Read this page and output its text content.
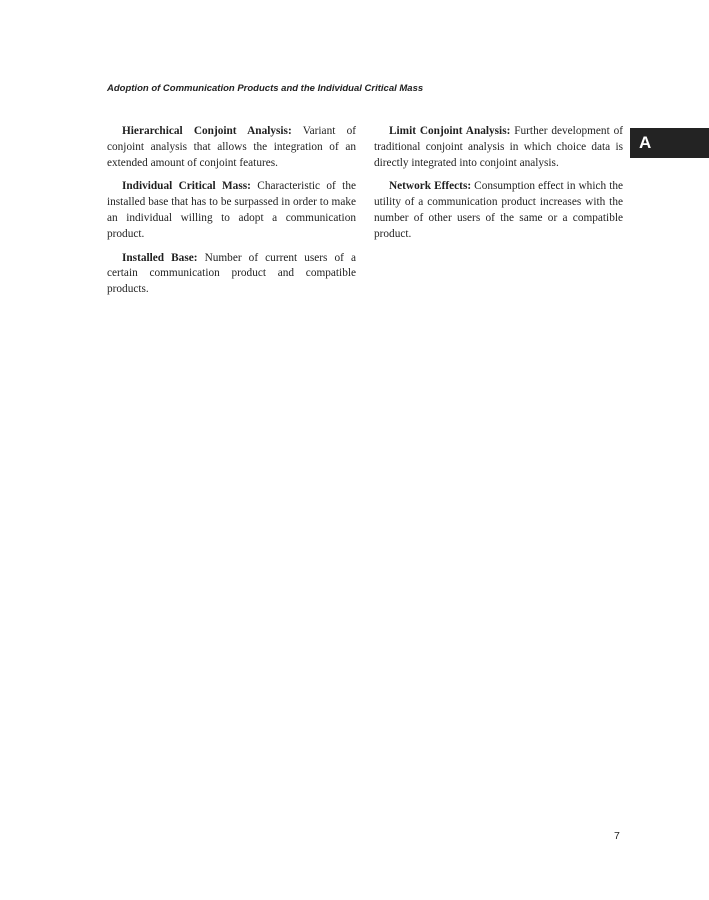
Adoption of Communication Products and the Individual Critical Mass
A

Hierarchical Conjoint Analysis: Variant of conjoint analysis that allows the integration of an extended amount of conjoint features.

Individual Critical Mass: Characteristic of the installed base that has to be surpassed in order to make an individual willing to adopt a communication product.

Installed Base: Number of current users of a certain communication product and compatible products.

Limit Conjoint Analysis: Further development of traditional conjoint analysis in which choice data is directly integrated into conjoint analysis.

Network Effects: Consumption effect in which the utility of a communication product increases with the number of other users of the same or a compatible product.

7
